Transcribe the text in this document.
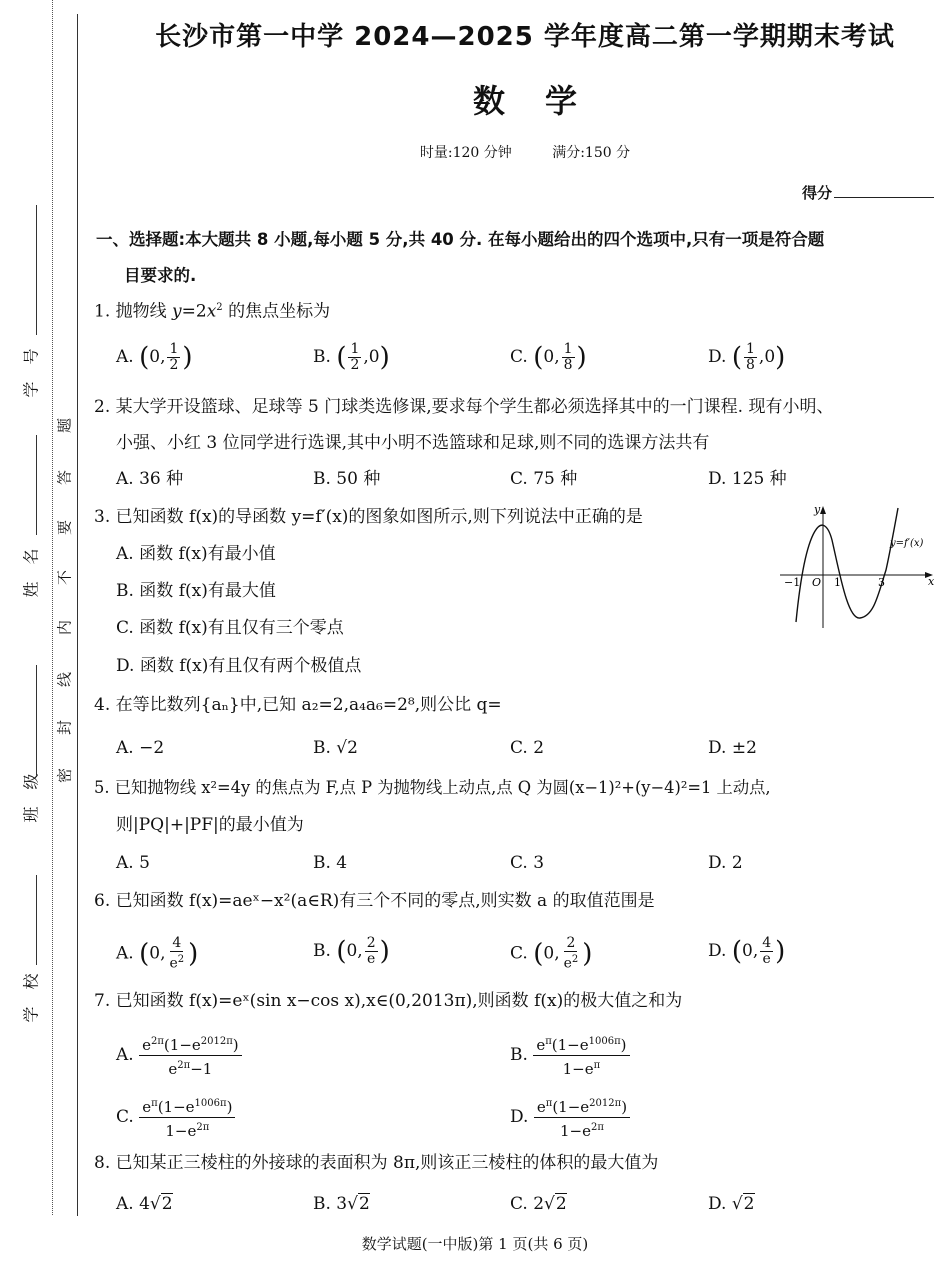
题
答
要
不
内
线
封
密
学
号
姓
名
班
级
学
校
长沙市第一中学 2024—2025 学年度高二第一学期期末考试
数学
时量:120 分钟	满分:150 分
得分
一、选择题:本大题共 8 小题,每小题 5 分,共 40 分. 在每小题给出的四个选项中,只有一项是符合题
目要求的.
1. 抛物线 $y=2x^2$ 的焦点坐标为
A. (0, $\frac{1}{2}$ )	B. ( $\frac{1}{2} ,0$)	C. (0, $\frac{1}{8}$ )	D. ( $\frac{1}{8} ,0$)
2. 某大学开设篮球、足球等 5 门球类选修课,要求每个学生都必须选择其中的一门课程. 现有小明、
小强、小红 3 位同学进行选课,其中小明不选篮球和足球,则不同的选课方法共有
A. 36 种	B. 50 种	C. 75 种	D. 125 种
3. 已知函数 f(x)的导函数 y=f′(x)的图象如图所示,则下列说法中正确的是
A. 函数 f(x)有最小值
B. 函数 f(x)有最大值
C. 函数 f(x)有且仅有三个零点
D. 函数 f(x)有且仅有两个极值点
x
y
y=f′(x)
−1 O 1	3
4. 在等比数列{aₙ}中,已知 a₂=2,a₄a₆=2⁸,则公比 q=
A. −2	B. √2	C. 2	D. ±2
5. 已知抛物线 x²=4y 的焦点为 F,点 P 为抛物线上动点,点 Q 为圆(x−1)²+(y−4)²=1 上动点,
则|PQ|+|PF|的最小值为
A. 5	B. 4	C. 3	D. 2
6. 已知函数 f(x)=aeˣ−x²(a∈R)有三个不同的零点,则实数 a 的取值范围是
A. (0, $\frac{4}{e^2}$ )	B. (0, $\frac{2}{e}$ )	C. (0, $\frac{2}{e^2}$ )	D. (0, $\frac{4}{e}$ )
7. 已知函数 f(x)=eˣ(sin x−cos x),x∈(0,2013π),则函数 f(x)的极大值之和为
A. $\frac{e^{2\pi}(1-e^{2012\pi})}{e^{2\pi}-1}$	B. $\frac{e^\pi(1-e^{1006\pi})}{1-e^\pi}$
C. $\frac{e^\pi(1-e^{1006\pi})}{1-e^{2\pi}}$	D. $\frac{e^\pi(1-e^{2012\pi})}{1-e^{2\pi}}$
8. 已知某正三棱柱的外接球的表面积为 8π,则该正三棱柱的体积的最大值为
A. 4√2	B. 3√2	C. 2√2	D. √2
数学试题(一中版)第 1 页(共 6 页)
